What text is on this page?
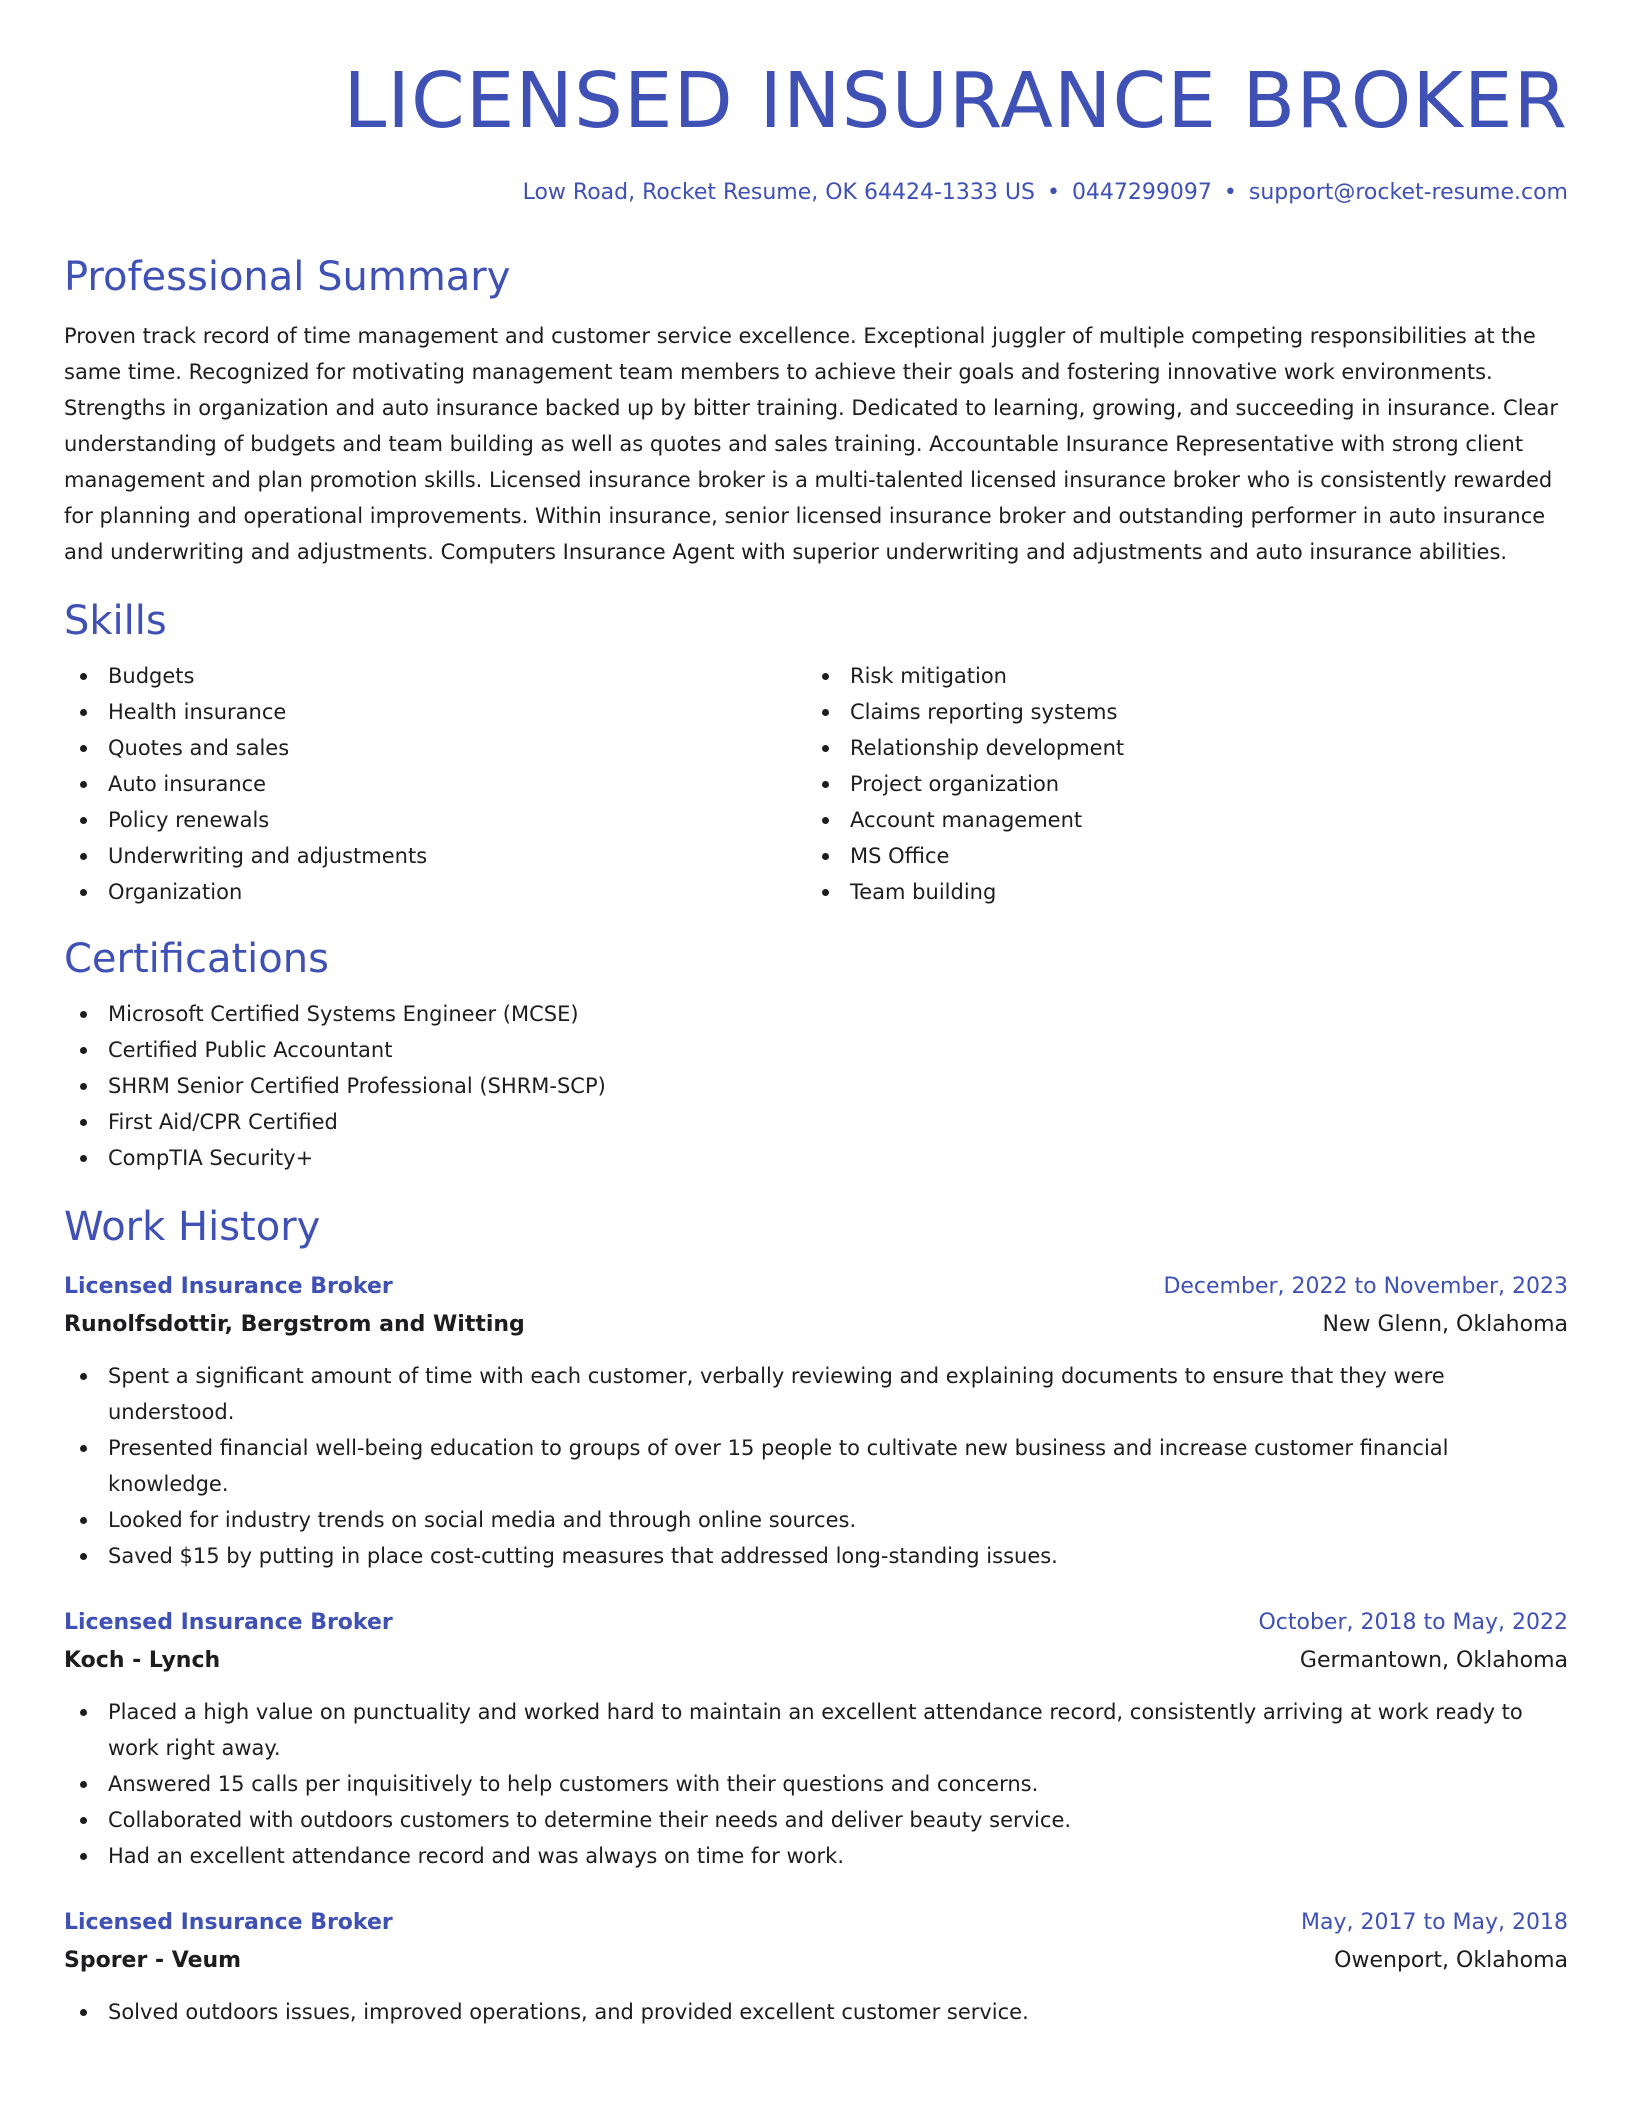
LICENSED INSURANCE BROKER
Low Road, Rocket Resume, OK 64424-1333 US • 0447299097 • support@rocket-resume.com
Professional Summary

Proven track record of time management and customer service excellence. Exceptional juggler of multiple competing responsibilities at the same time. Recognized for motivating management team members to achieve their goals and fostering innovative work environments. Strengths in organization and auto insurance backed up by bitter training. Dedicated to learning, growing, and succeeding in insurance. Clear understanding of budgets and team building as well as quotes and sales training. Accountable Insurance Representative with strong client management and plan promotion skills. Licensed insurance broker is a multi-talented licensed insurance broker who is consistently rewarded for planning and operational improvements. Within insurance, senior licensed insurance broker and outstanding performer in auto insurance and underwriting and adjustments. Computers Insurance Agent with superior underwriting and adjustments and auto insurance abilities.

Skills
Budgets
Health insurance
Quotes and sales
Auto insurance
Policy renewals
Underwriting and adjustments
Organization
Risk mitigation
Claims reporting systems
Relationship development
Project organization
Account management
MS Office
Team building
Certifications
Microsoft Certified Systems Engineer (MCSE)
Certified Public Accountant
SHRM Senior Certified Professional (SHRM-SCP)
First Aid/CPR Certified
CompTIA Security+
Work History
Licensed Insurance Broker	December, 2022 to November, 2023
Runolfsdottir, Bergstrom and Witting	New Glenn, Oklahoma
Spent a significant amount of time with each customer, verbally reviewing and explaining documents to ensure that they were understood.
Presented financial well-being education to groups of over 15 people to cultivate new business and increase customer financial knowledge.
Looked for industry trends on social media and through online sources.
Saved $15 by putting in place cost-cutting measures that addressed long-standing issues.
Licensed Insurance Broker	October, 2018 to May, 2022
Koch - Lynch	Germantown, Oklahoma
Placed a high value on punctuality and worked hard to maintain an excellent attendance record, consistently arriving at work ready to work right away.
Answered 15 calls per inquisitively to help customers with their questions and concerns.
Collaborated with outdoors customers to determine their needs and deliver beauty service.
Had an excellent attendance record and was always on time for work.
Licensed Insurance Broker	May, 2017 to May, 2018
Sporer - Veum	Owenport, Oklahoma
Solved outdoors issues, improved operations, and provided excellent customer service.
